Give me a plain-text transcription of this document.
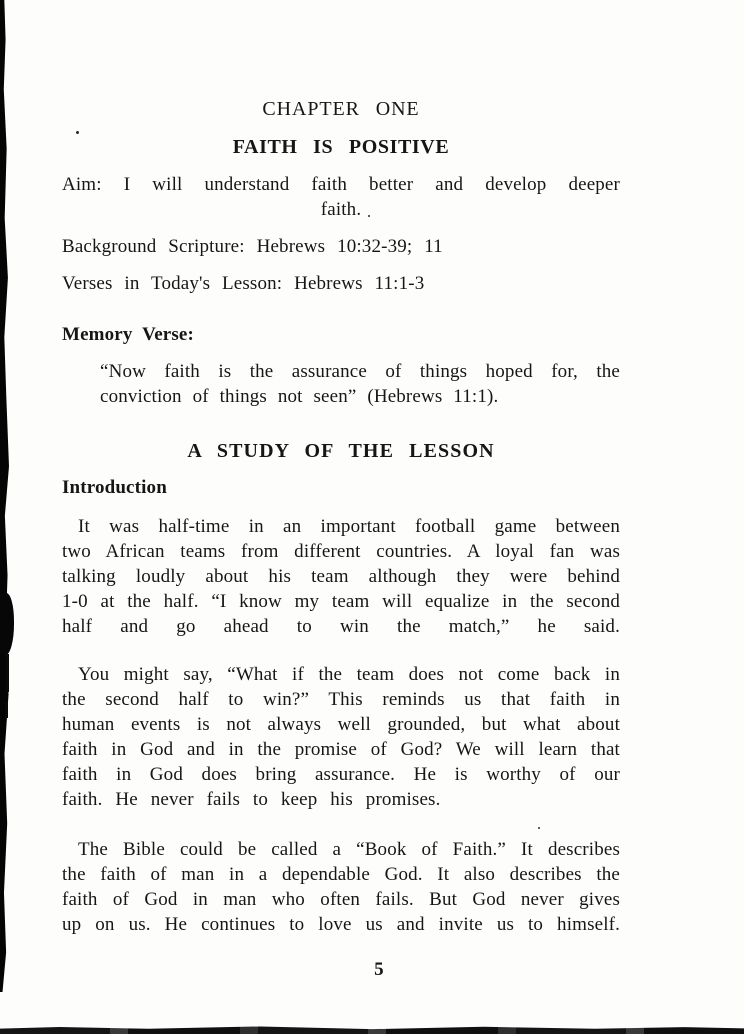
CHAPTER ONE
FAITH IS POSITIVE
Aim: I will understand faith better and develop deeper
faith.
Background Scripture: Hebrews 10:32-39; 11
Verses in Today's Lesson: Hebrews 11:1-3
Memory Verse:
“Now faith is the assurance of things hoped for, the
conviction of things not seen” (Hebrews 11:1).
A STUDY OF THE LESSON
Introduction
It was half-time in an important football game between
two African teams from different countries. A loyal fan was
talking loudly about his team although they were behind
1-0 at the half. “I know my team will equalize in the second
half and go ahead to win the match,” he said.
You might say, “What if the team does not come back in
the second half to win?” This reminds us that faith in
human events is not always well grounded, but what about
faith in God and in the promise of God? We will learn that
faith in God does bring assurance. He is worthy of our
faith. He never fails to keep his promises.
The Bible could be called a “Book of Faith.” It describes
the faith of man in a dependable God. It also describes the
faith of God in man who often fails. But God never gives
up on us. He continues to love us and invite us to himself.
5
